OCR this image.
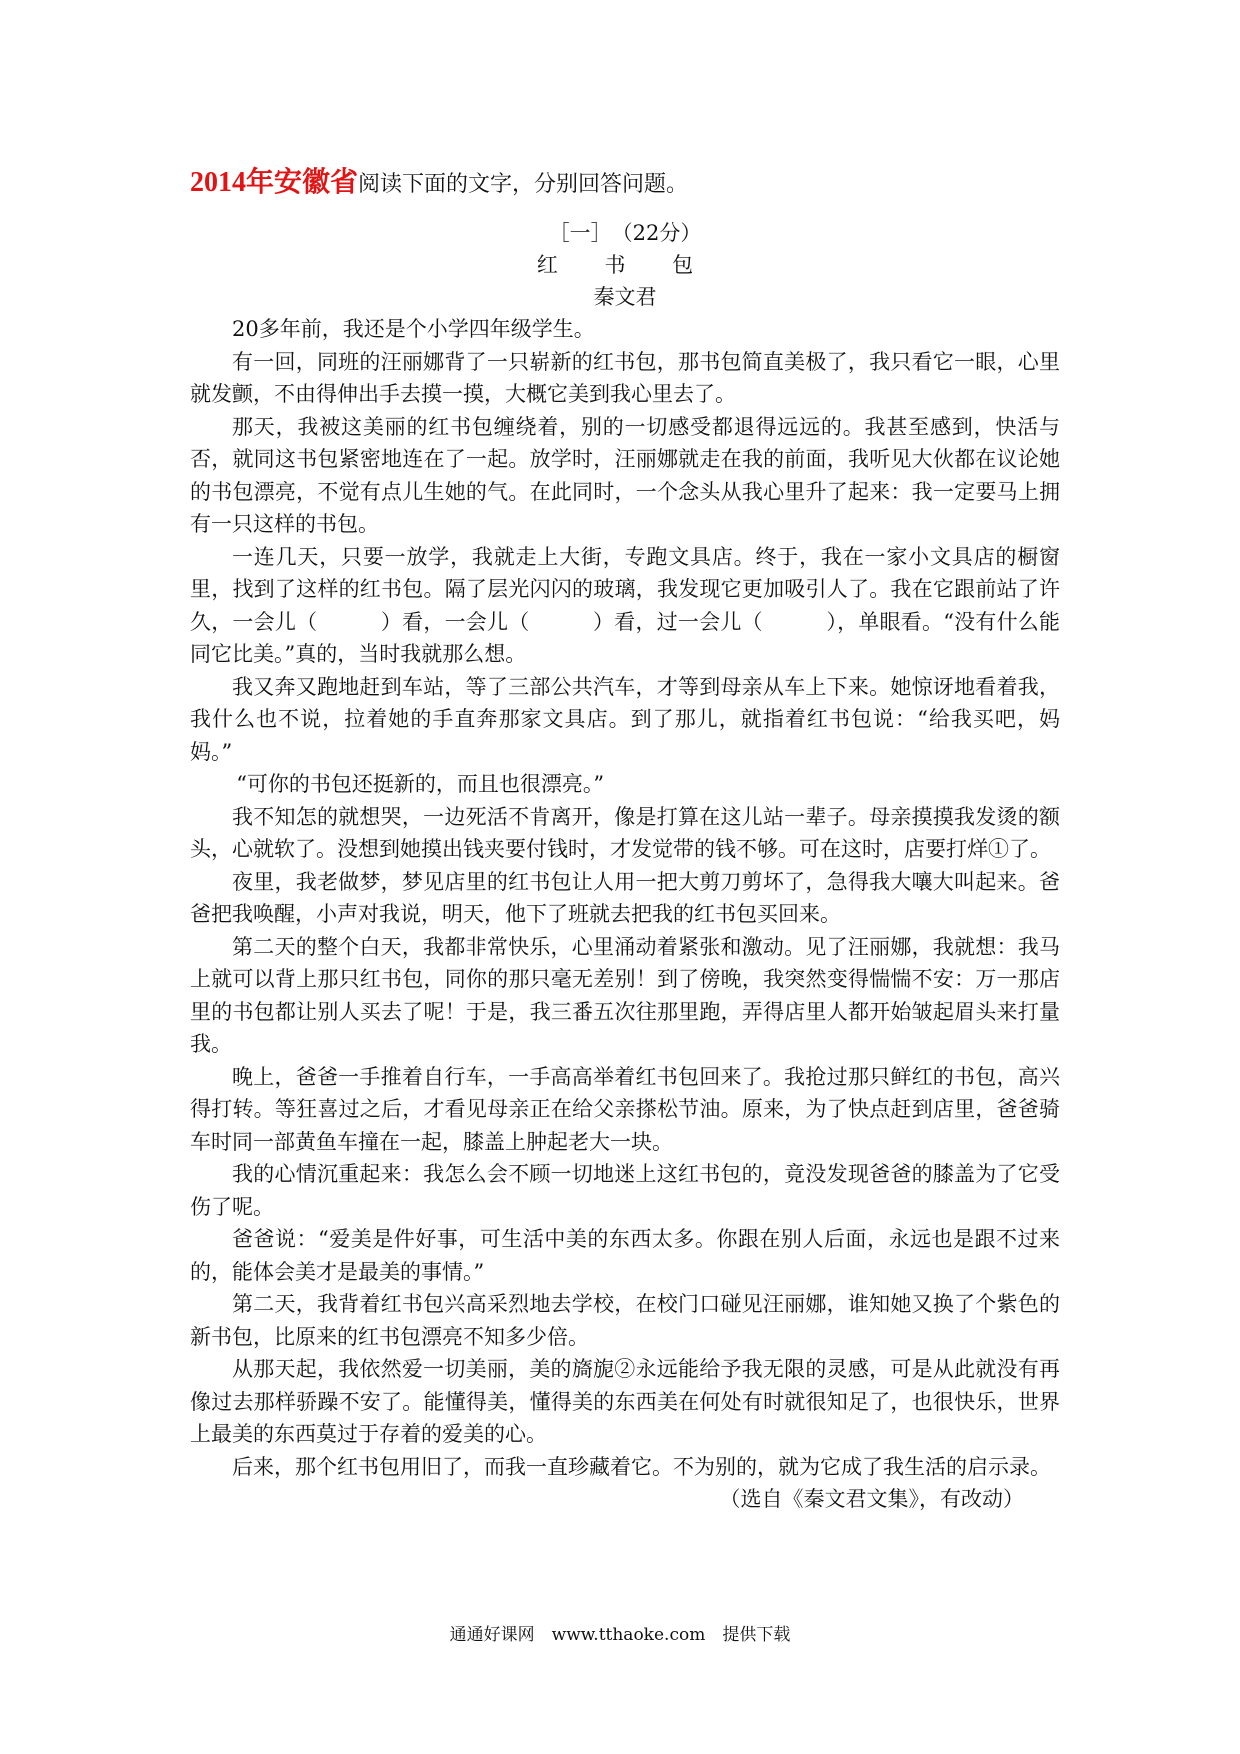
2014年安徽省阅读下面的文字，分别回答问题。
［一］　（22分）
红 书 包
秦文君

20多年前，我还是个小学四年级学生。

有一回，同班的汪丽娜背了一只崭新的红书包，那书包简直美极了，我只看它一眼，心里就发颤，不由得伸出手去摸一摸，大概它美到我心里去了。

那天，我被这美丽的红书包缠绕着，别的一切感受都退得远远的。我甚至感到，快活与否，就同这书包紧密地连在了一起。放学时，汪丽娜就走在我的前面，我听见大伙都在议论她的书包漂亮，不觉有点儿生她的气。在此同时，一个念头从我心里升了起来：我一定要马上拥有一只这样的书包。

一连几天，只要一放学，我就走上大街，专跑文具店。终于，我在一家小文具店的橱窗里，找到了这样的红书包。隔了层光闪闪的玻璃，我发现它更加吸引人了。我在它跟前站了许久，一会儿（　　　）看，一会儿（　　　）看，过一会儿（　　　），单眼看。“没有什么能同它比美。”真的，当时我就那么想。

我又奔又跑地赶到车站，等了三部公共汽车，才等到母亲从车上下来。她惊讶地看着我，我什么也不说，拉着她的手直奔那家文具店。到了那儿，就指着红书包说：“给我买吧，妈妈。”

“可你的书包还挺新的，而且也很漂亮。”

我不知怎的就想哭，一边死活不肯离开，像是打算在这儿站一辈子。母亲摸摸我发烫的额头，心就软了。没想到她摸出钱夹要付钱时，才发觉带的钱不够。可在这时，店要打烊①了。

夜里，我老做梦，梦见店里的红书包让人用一把大剪刀剪坏了，急得我大嚷大叫起来。爸爸把我唤醒，小声对我说，明天，他下了班就去把我的红书包买回来。

第二天的整个白天，我都非常快乐，心里涌动着紧张和激动。见了汪丽娜，我就想：我马上就可以背上那只红书包，同你的那只毫无差别！到了傍晚，我突然变得惴惴不安：万一那店里的书包都让别人买去了呢！于是，我三番五次往那里跑，弄得店里人都开始皱起眉头来打量我。

晚上，爸爸一手推着自行车，一手高高举着红书包回来了。我抢过那只鲜红的书包，高兴得打转。等狂喜过之后，才看见母亲正在给父亲搽松节油。原来，为了快点赶到店里，爸爸骑车时同一部黄鱼车撞在一起，膝盖上肿起老大一块。

我的心情沉重起来：我怎么会不顾一切地迷上这红书包的，竟没发现爸爸的膝盖为了它受伤了呢。

爸爸说：“爱美是件好事，可生活中美的东西太多。你跟在别人后面，永远也是跟不过来的，能体会美才是最美的事情。”

第二天，我背着红书包兴高采烈地去学校，在校门口碰见汪丽娜，谁知她又换了个紫色的新书包，比原来的红书包漂亮不知多少倍。

从那天起，我依然爱一切美丽，美的旖旎②永远能给予我无限的灵感，可是从此就没有再像过去那样骄躁不安了。能懂得美，懂得美的东西美在何处有时就很知足了，也很快乐，世界上最美的东西莫过于存着的爱美的心。

后来，那个红书包用旧了，而我一直珍藏着它。不为别的，就为它成了我生活的启示录。

（选自《秦文君文集》，有改动）
通通好课网　www.tthaoke.com　提供下载
